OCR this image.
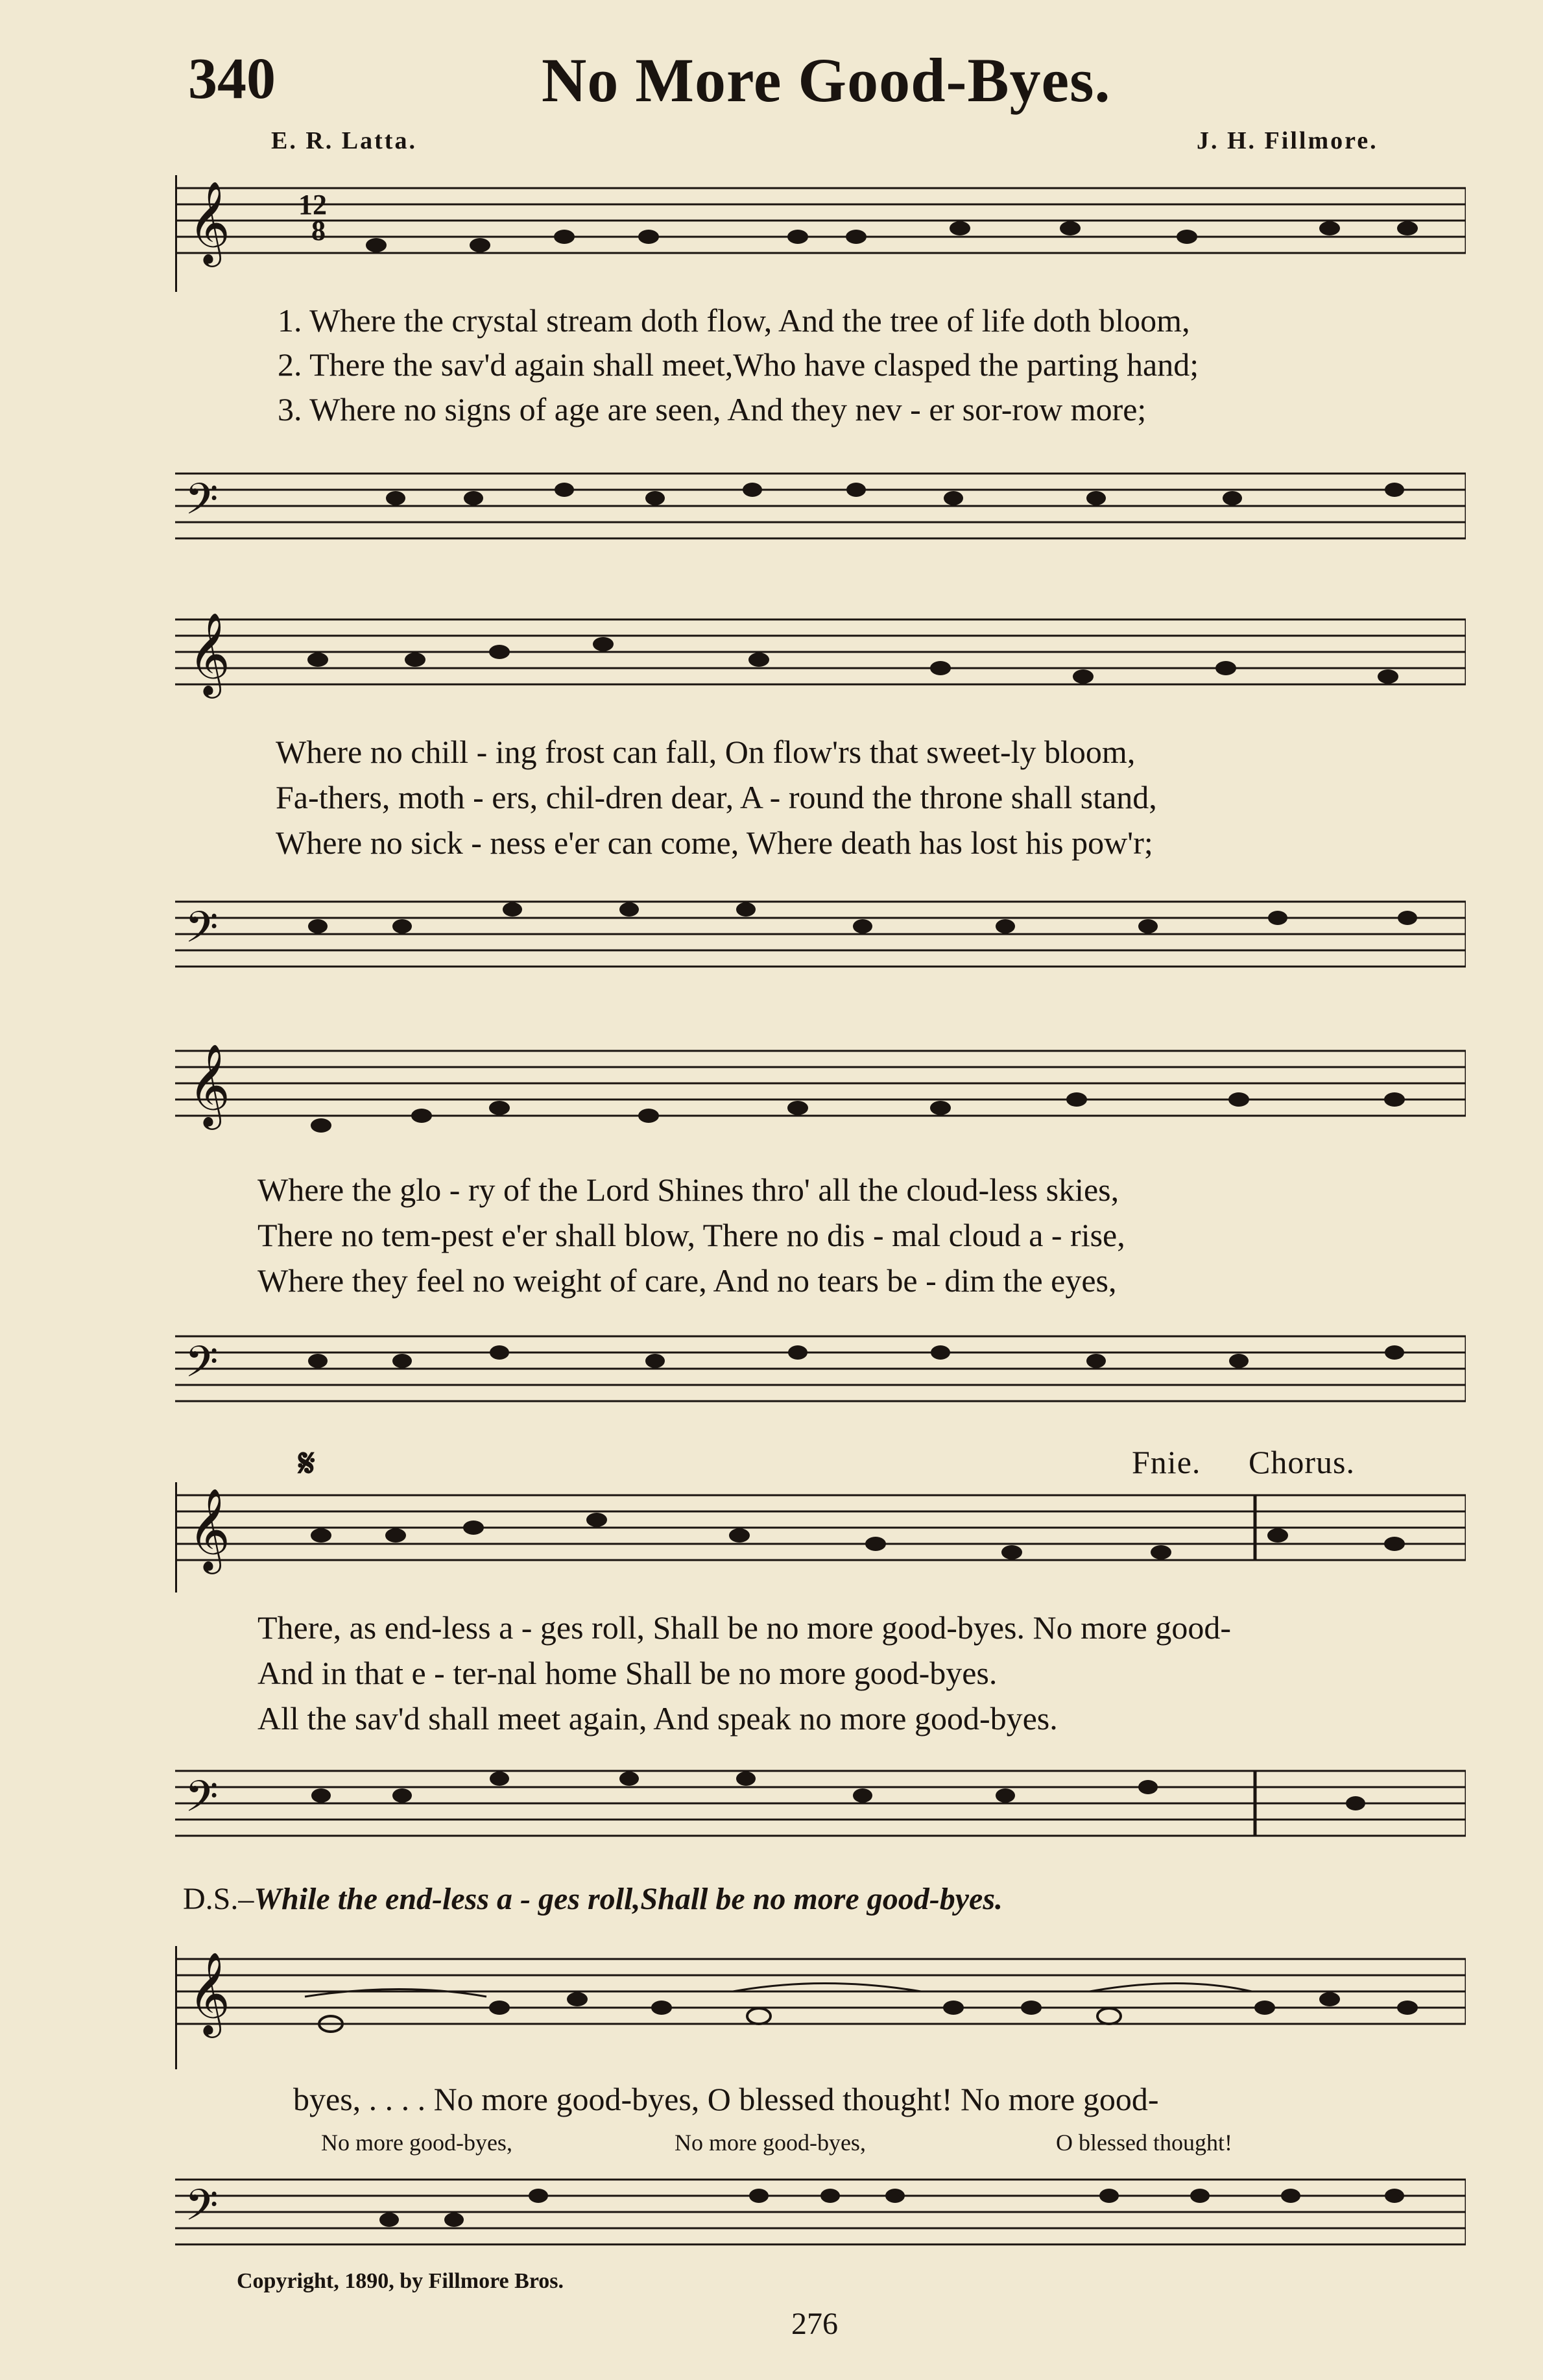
340	No More Good-Byes.
E. R. Latta.	J. H. Fillmore.
𝄞 12
8
1. Where the crystal stream doth flow, And the tree of life doth bloom,
2. There the sav'd again shall meet,Who have clasped the parting hand;
3. Where no signs of age are seen, And they nev - er sor-row more;
𝄢
𝄞
Where no chill - ing frost can fall, On flow'rs that sweet-ly bloom,
Fa-thers, moth - ers, chil-dren dear, A - round the throne shall stand,
Where no sick - ness e'er can come, Where death has lost his pow'r;
𝄢
𝄞
Where the glo - ry of the Lord Shines thro' all the cloud-less skies,
There no tem-pest e'er shall blow, There no dis - mal cloud a - rise,
Where they feel no weight of care, And no tears be - dim the eyes,
𝄢
𝄋	Fnie. Chorus.
𝄞
There, as end-less a - ges roll, Shall be no more good-byes. No more good-
And in that e - ter-nal home Shall be no more good-byes.
All the sav'd shall meet again, And speak no more good-byes.
𝄢
D.S.–While the end-less a - ges roll,Shall be no more good-byes.
𝄞
byes, . . . . No more good-byes, O blessed thought! No more good-
No more good-byes,	No more good-byes,	O blessed thought!
𝄢
Copyright, 1890, by Fillmore Bros.
276
